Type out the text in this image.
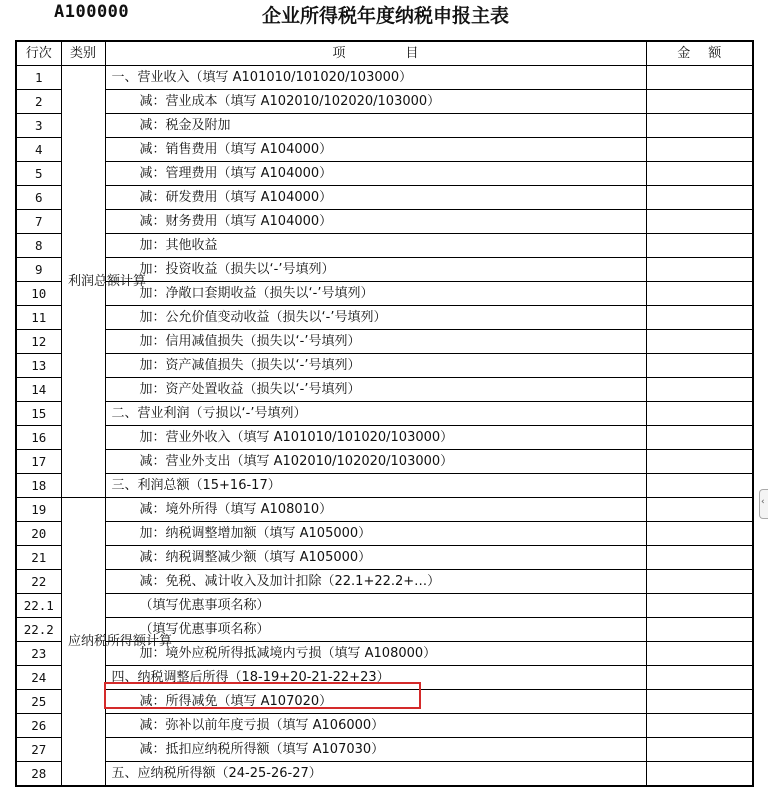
A100000	企业所得税年度纳税申报主表
行次	类别	项 目	金 额
1	利润总额计算	一、营业收入（填写 A101010/101020/103000）	
2		减：营业成本（填写 A102010/102020/103000）	
3		减：税金及附加	
4		减：销售费用（填写 A104000）	
5		减：管理费用（填写 A104000）	
6		减：研发费用（填写 A104000）	
7		减：财务费用（填写 A104000）	
8		加：其他收益	
9		加：投资收益（损失以‘-’号填列）	
10		加：净敞口套期收益（损失以‘-’号填列）	
11		加：公允价值变动收益（损失以‘-’号填列）	
12		加：信用减值损失（损失以‘-’号填列）	
13		加：资产减值损失（损失以‘-’号填列）	
14		加：资产处置收益（损失以‘-’号填列）	
15		二、营业利润（亏损以‘-’号填列）	
16		加：营业外收入（填写 A101010/101020/103000）	
17		减：营业外支出（填写 A102010/102020/103000）	
18		三、利润总额（15+16-17）	
19	应纳税所得额计算	减：境外所得（填写 A108010）	
20		加：纳税调整增加额（填写 A105000）	
21		减：纳税调整减少额（填写 A105000）	
22		减：免税、减计收入及加计扣除（22.1+22.2+…）	
22.1		（填写优惠事项名称）	
22.2		（填写优惠事项名称）	
23		加：境外应税所得抵减境内亏损（填写 A108000）	
24		四、纳税调整后所得（18-19+20-21-22+23）	
25		减：所得减免（填写 A107020）	
26		减：弥补以前年度亏损（填写 A106000）	
27		减：抵扣应纳税所得额（填写 A107030）	
28		五、应纳税所得额（24-25-26-27）	
‹
